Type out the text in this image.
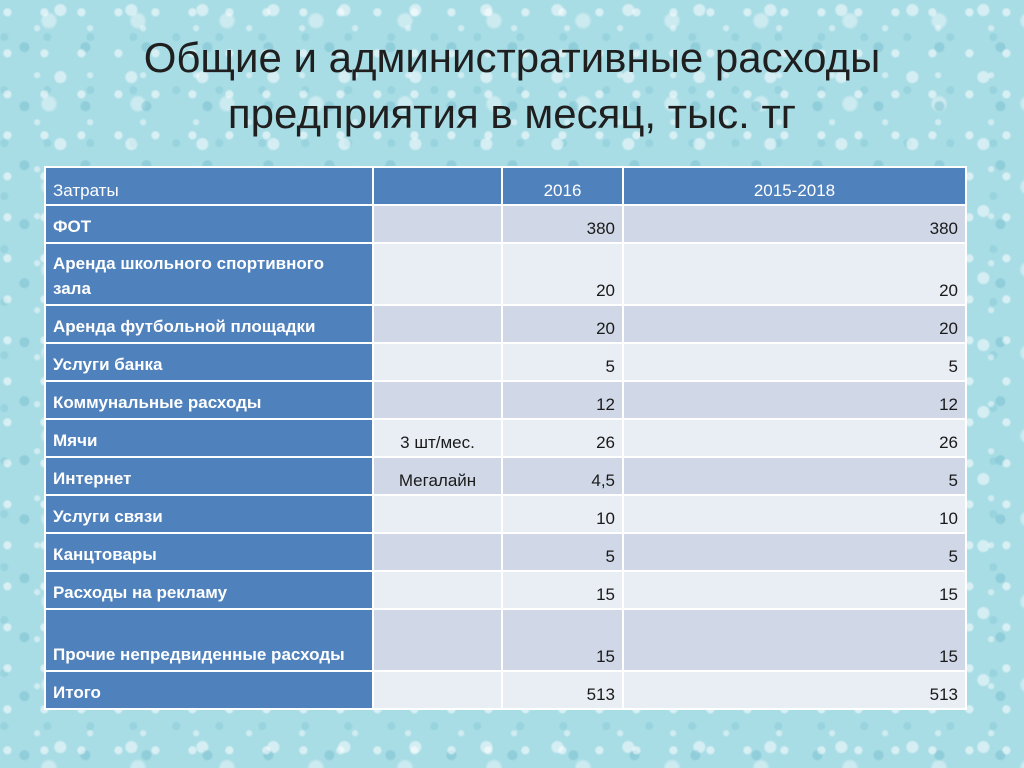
Общие и административные расходы
предприятия в месяц, тыс. тг
Затраты		2016	2015-2018
ФОТ		380	380
Аренда школьного спортивного зала		20	20
Аренда футбольной площадки		20	20
Услуги банка		5	5
Коммунальные расходы		12	12
Мячи	3 шт/мес.	26	26
Интернет	Мегалайн	4,5	5
Услуги связи		10	10
Канцтовары		5	5
Расходы на рекламу		15	15
Прочие непредвиденные расходы		15	15
Итого		513	513
